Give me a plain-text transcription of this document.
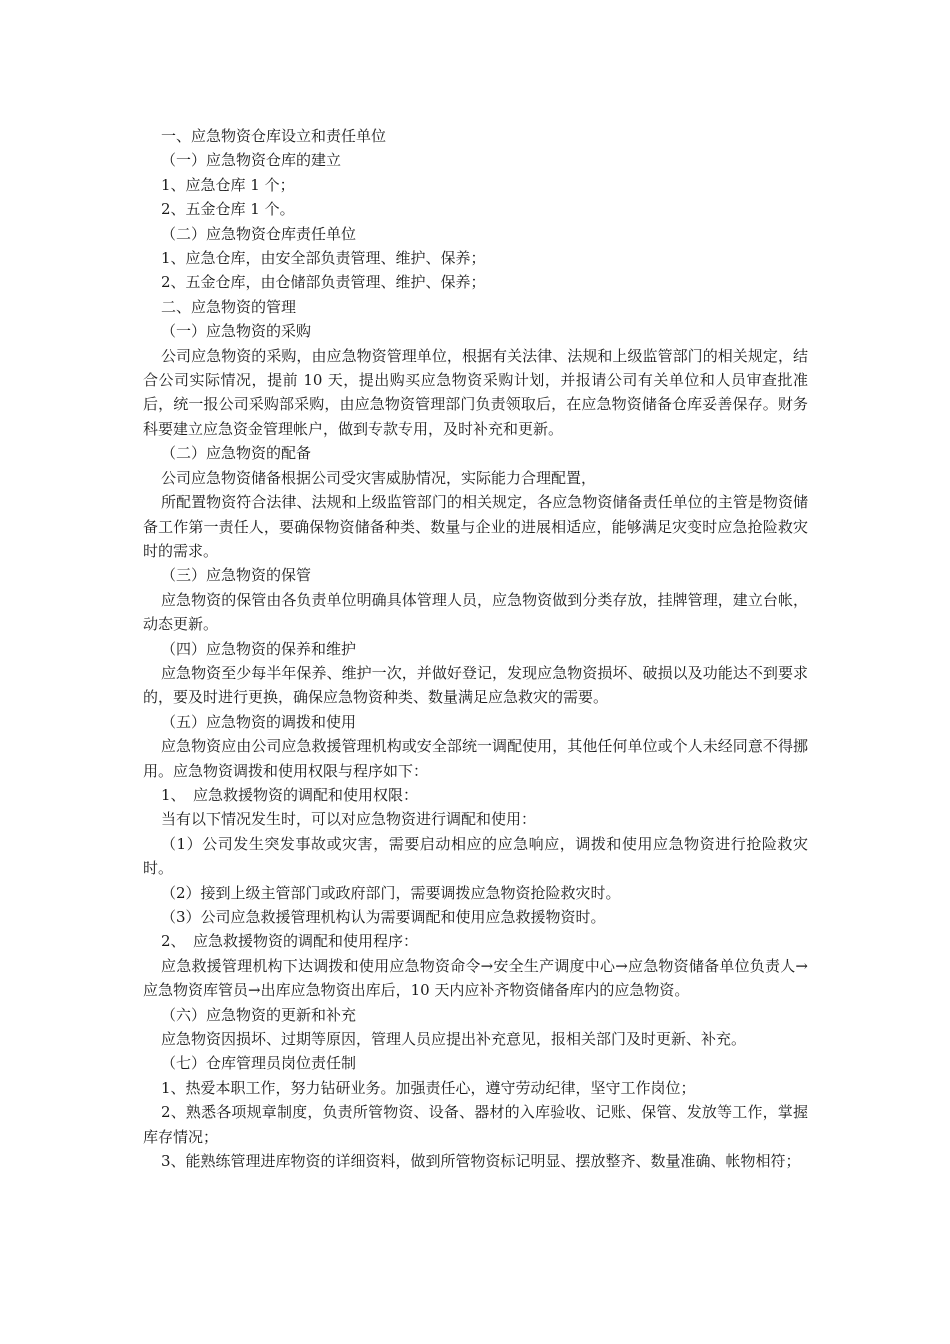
一、应急物资仓库设立和责任单位

（一）应急物资仓库的建立

1、应急仓库 1 个；

2、五金仓库 1 个。

（二）应急物资仓库责任单位

1、应急仓库，由安全部负责管理、维护、保养；

2、五金仓库，由仓储部负责管理、维护、保养；

二、应急物资的管理

（一）应急物资的采购

公司应急物资的采购，由应急物资管理单位，根据有关法律、法规和上级监管部门的相关规定，结合公司实际情况，提前 10 天，提出购买应急物资采购计划，并报请公司有关单位和人员审查批准后，统一报公司采购部采购，由应急物资管理部门负责领取后，在应急物资储备仓库妥善保存。财务科要建立应急资金管理帐户，做到专款专用，及时补充和更新。

（二）应急物资的配备

公司应急物资储备根据公司受灾害威胁情况，实际能力合理配置，

所配置物资符合法律、法规和上级监管部门的相关规定，各应急物资储备责任单位的主管是物资储备工作第一责任人，要确保物资储备种类、数量与企业的进展相适应，能够满足灾变时应急抢险救灾时的需求。

（三）应急物资的保管

应急物资的保管由各负责单位明确具体管理人员，应急物资做到分类存放，挂牌管理，建立台帐，动态更新。

（四）应急物资的保养和维护

应急物资至少每半年保养、维护一次，并做好登记，发现应急物资损坏、破损以及功能达不到要求的，要及时进行更换，确保应急物资种类、数量满足应急救灾的需要。

（五）应急物资的调拨和使用

应急物资应由公司应急救援管理机构或安全部统一调配使用，其他任何单位或个人未经同意不得挪用。应急物资调拨和使用权限与程序如下：

1、　应急救援物资的调配和使用权限：

当有以下情况发生时，可以对应急物资进行调配和使用：

（1）公司发生突发事故或灾害，需要启动相应的应急响应，调拨和使用应急物资进行抢险救灾时。

（2）接到上级主管部门或政府部门，需要调拨应急物资抢险救灾时。

（3）公司应急救援管理机构认为需要调配和使用应急救援物资时。

2、　应急救援物资的调配和使用程序：

应急救援管理机构下达调拨和使用应急物资命令→安全生产调度中心→应急物资储备单位负责人→应急物资库管员→出库应急物资出库后，10 天内应补齐物资储备库内的应急物资。

（六）应急物资的更新和补充

应急物资因损坏、过期等原因，管理人员应提出补充意见，报相关部门及时更新、补充。

（七）仓库管理员岗位责任制

1、热爱本职工作，努力钻研业务。加强责任心，遵守劳动纪律，坚守工作岗位；

2、熟悉各项规章制度，负责所管物资、设备、器材的入库验收、记账、保管、发放等工作，掌握库存情况；

3、能熟练管理进库物资的详细资料，做到所管物资标记明显、摆放整齐、数量准确、帐物相符；
